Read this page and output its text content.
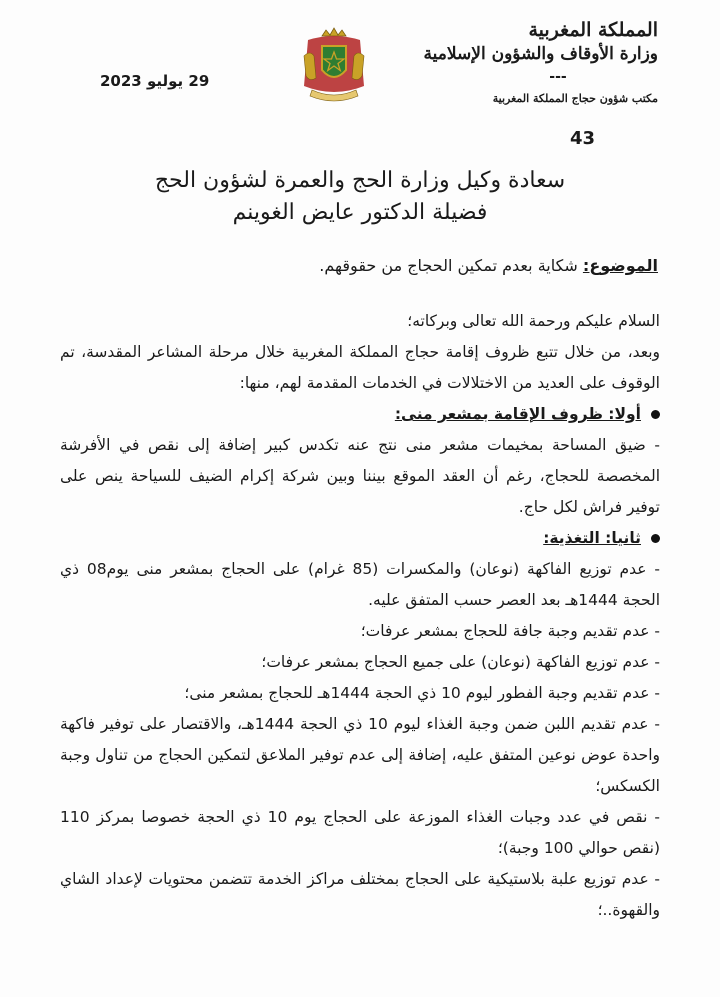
المملكة المغربية
وزارة الأوقاف والشؤون الإسلامية
---
مكتب شؤون حجاج المملكة المغربية
29 يوليو 2023
43
سعادة وكيل وزارة الحج والعمرة لشؤون الحج
فضيلة الدكتور عايض الغوينم
الموضوع: شكاية بعدم تمكين الحجاج من حقوقهم.

السلام عليكم ورحمة الله تعالى وبركاته؛

وبعد، من خلال تتبع ظروف إقامة حجاج المملكة المغربية خلال مرحلة المشاعر المقدسة، تم الوقوف على العديد من الاختلالات في الخدمات المقدمة لهم، منها:

أولا: ظروف الإقامة بمشعر منى:

- ضيق المساحة بمخيمات مشعر منى نتج عنه تكدس كبير إضافة إلى نقص في الأفرشة المخصصة للحجاج، رغم أن العقد الموقع بيننا وبين شركة إكرام الضيف للسياحة ينص على توفير فراش لكل حاج.

ثانيا: التغذية:

- عدم توزيع الفاكهة (نوعان) والمكسرات (85 غرام) على الحجاج بمشعر منى يوم08 ذي الحجة 1444هـ بعد العصر حسب المتفق عليه.

- عدم تقديم وجبة جافة للحجاج بمشعر عرفات؛

- عدم توزيع الفاكهة (نوعان) على جميع الحجاج بمشعر عرفات؛

- عدم تقديم وجبة الفطور ليوم 10 ذي الحجة 1444هـ للحجاج بمشعر منى؛

- عدم تقديم اللبن ضمن وجبة الغذاء ليوم 10 ذي الحجة 1444هـ، والاقتصار على توفير فاكهة واحدة عوض نوعين المتفق عليه، إضافة إلى عدم توفير الملاعق لتمكين الحجاج من تناول وجبة الكسكس؛

- نقص في عدد وجبات الغذاء الموزعة على الحجاج يوم 10 ذي الحجة خصوصا بمركز 110 (نقص حوالي 100 وجبة)؛

- عدم توزيع علبة بلاستيكية على الحجاج بمختلف مراكز الخدمة تتضمن محتويات لإعداد الشاي والقهوة..؛
